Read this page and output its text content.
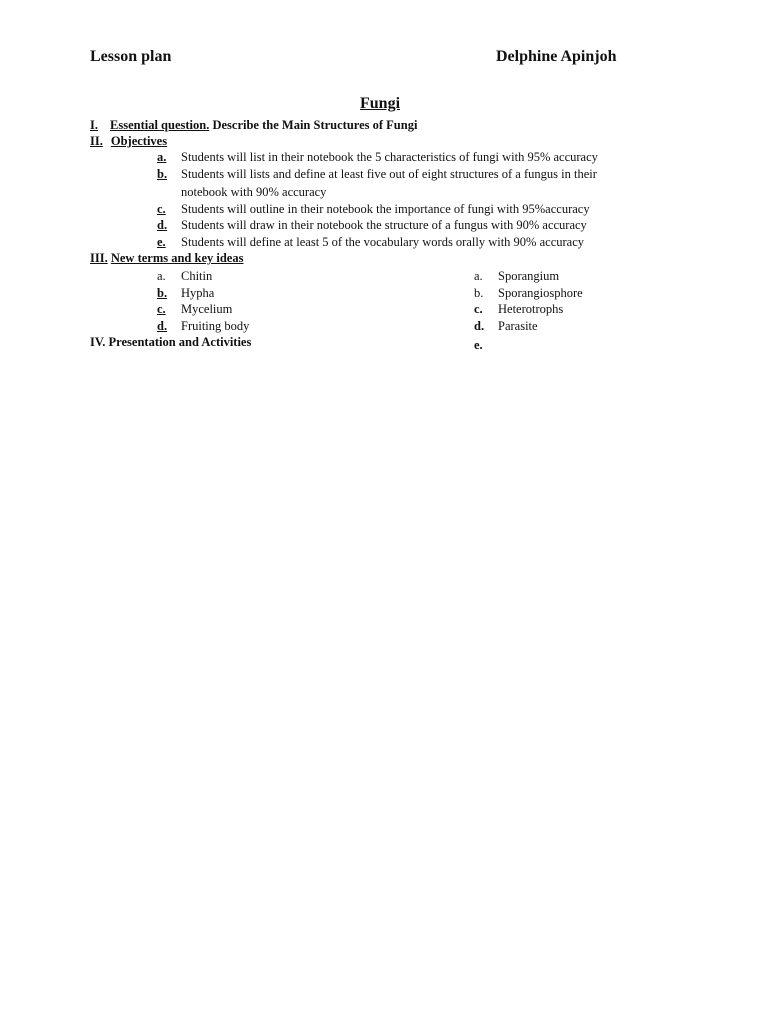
Lesson plan	Delphine Apinjoh
Fungi
I. Essential question. Describe the Main Structures of Fungi
II. Objectives
a. Students will list in their notebook the 5 characteristics of fungi with 95% accuracy
b. Students will lists and define at least five out of eight structures of a fungus in their
notebook with 90% accuracy
c. Students will outline in their notebook the importance of fungi with 95%accuracy
d. Students will draw in their notebook the structure of a fungus with 90% accuracy
e. Students will define at least 5 of the vocabulary words orally with 90% accuracy
III. New terms and key ideas
a. Chitin
b. Hypha
c. Mycelium
d. Fruiting body
a. Sporangium
b. Sporangiosphore
c. Heterotrophs
d. Parasite
e.
IV. Presentation and Activities
